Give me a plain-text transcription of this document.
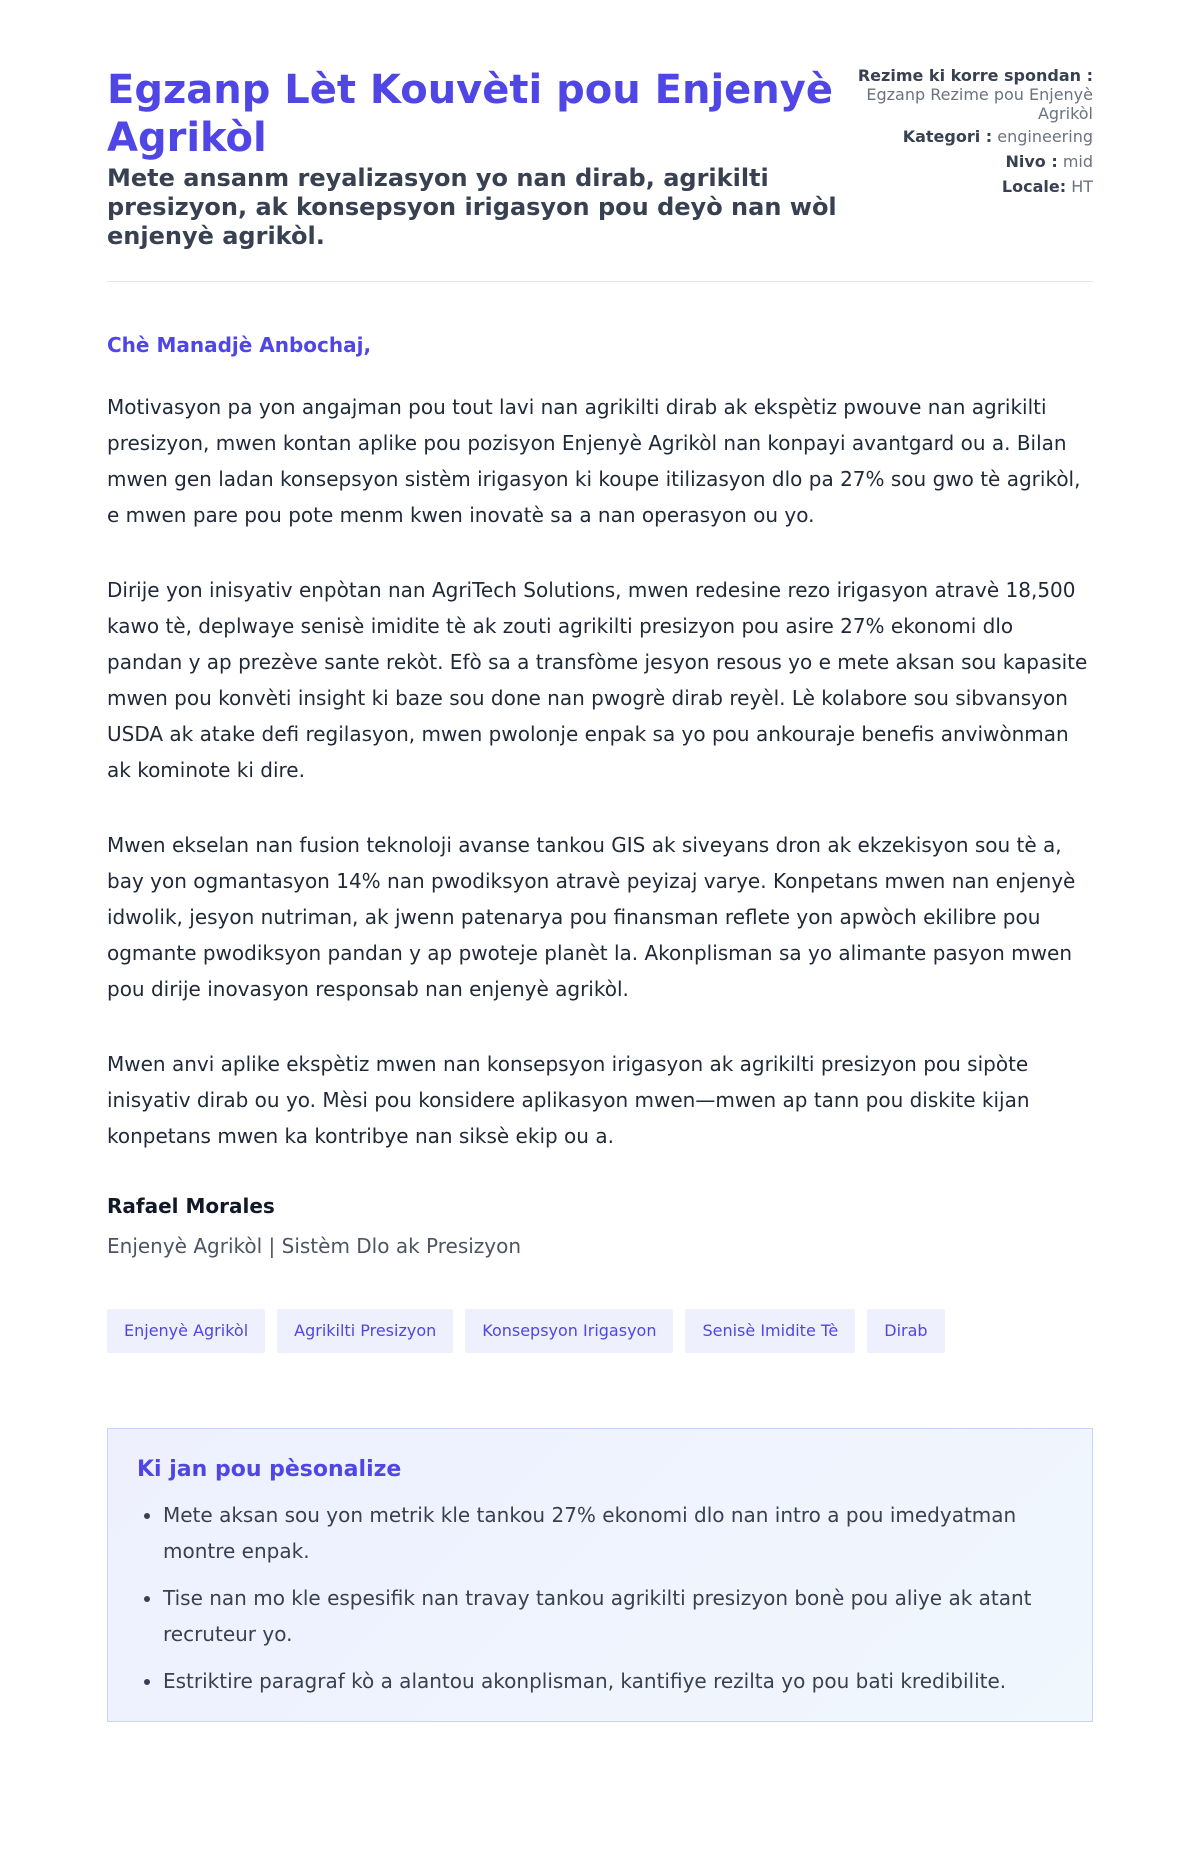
Egzanp Lèt Kouvèti pou Enjenyè Agrikòl
Mete ansanm reyalizasyon yo nan dirab, agrikilti presizyon, ak konsepsyon irigasyon pou deyò nan wòl enjenyè agrikòl.
Rezime ki korre spondan : Egzanp Rezime pou Enjenyè Agrikòl
Kategori : engineering
Nivo : mid
Locale: HT
Chè Manadjè Anbochaj,

Motivasyon pa yon angajman pou tout lavi nan agrikilti dirab ak ekspètiz pwouve nan agrikilti presizyon, mwen kontan aplike pou pozisyon Enjenyè Agrikòl nan konpayi avantgard ou a. Bilan mwen gen ladan konsepsyon sistèm irigasyon ki koupe itilizasyon dlo pa 27% sou gwo tè agrikòl, e mwen pare pou pote menm kwen inovatè sa a nan operasyon ou yo.

Dirije yon inisyativ enpòtan nan AgriTech Solutions, mwen redesine rezo irigasyon atravè 18,500 kawo tè, deplwaye senisè imidite tè ak zouti agrikilti presizyon pou asire 27% ekonomi dlo pandan y ap prezève sante rekòt. Efò sa a transfòme jesyon resous yo e mete aksan sou kapasite mwen pou konvèti insight ki baze sou done nan pwogrè dirab reyèl. Lè kolabore sou sibvansyon USDA ak atake defi regilasyon, mwen pwolonje enpak sa yo pou ankouraje benefis anviwònman ak kominote ki dire.

Mwen ekselan nan fusion teknoloji avanse tankou GIS ak siveyans dron ak ekzekisyon sou tè a, bay yon ogmantasyon 14% nan pwodiksyon atravè peyizaj varye. Konpetans mwen nan enjenyè idwolik, jesyon nutriman, ak jwenn patenarya pou finansman reflete yon apwòch ekilibre pou ogmante pwodiksyon pandan y ap pwoteje planèt la. Akonplisman sa yo alimante pasyon mwen pou dirije inovasyon responsab nan enjenyè agrikòl.

Mwen anvi aplike ekspètiz mwen nan konsepsyon irigasyon ak agrikilti presizyon pou sipòte inisyativ dirab ou yo. Mèsi pou konsidere aplikasyon mwen—mwen ap tann pou diskite kijan konpetans mwen ka kontribye nan siksè ekip ou a.

Rafael Morales
Enjenyè Agrikòl | Sistèm Dlo ak Presizyon
Enjenyè Agrikòl	Agrikilti Presizyon	Konsepsyon Irigasyon	Senisè Imidite Tè	Dirab
Ki jan pou pèsonalize
• Mete aksan sou yon metrik kle tankou 27% ekonomi dlo nan intro a pou imedyatman montre enpak.
• Tise nan mo kle espesifik nan travay tankou agrikilti presizyon bonè pou aliye ak atant recruteur yo.
• Estriktire paragraf kò a alantou akonplisman, kantifiye rezilta yo pou bati kredibilite.
